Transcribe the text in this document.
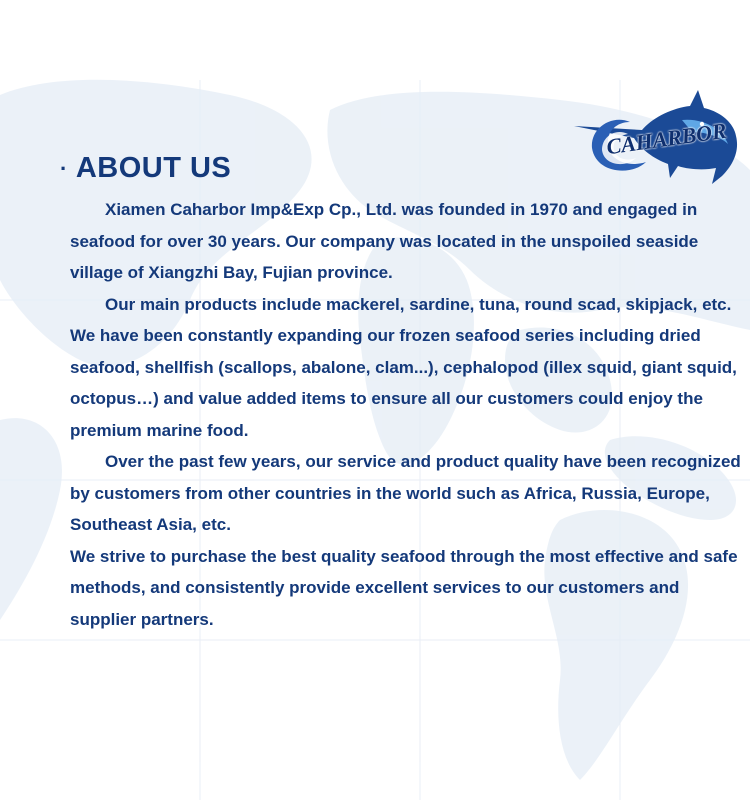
CAHARBOR
· ABOUT US

Xiamen Caharbor Imp&Exp Cp., Ltd. was founded in 1970 and engaged in seafood for over 30 years. Our company was located in the unspoiled seaside village of Xiangzhi Bay, Fujian province.

Our main products include mackerel, sardine, tuna, round scad, skipjack, etc. We have been constantly expanding our frozen seafood series including dried seafood, shellfish (scallops, abalone, clam...), cephalopod (illex squid, giant squid, octopus…) and value added items to ensure all our customers could enjoy the premium marine food.

Over the past few years, our service and product quality have been recognized by customers from other countries in the world such as Africa, Russia, Europe, Southeast Asia, etc.

We strive to purchase the best quality seafood through the most effective and safe methods, and consistently provide excellent services to our customers and supplier partners.
